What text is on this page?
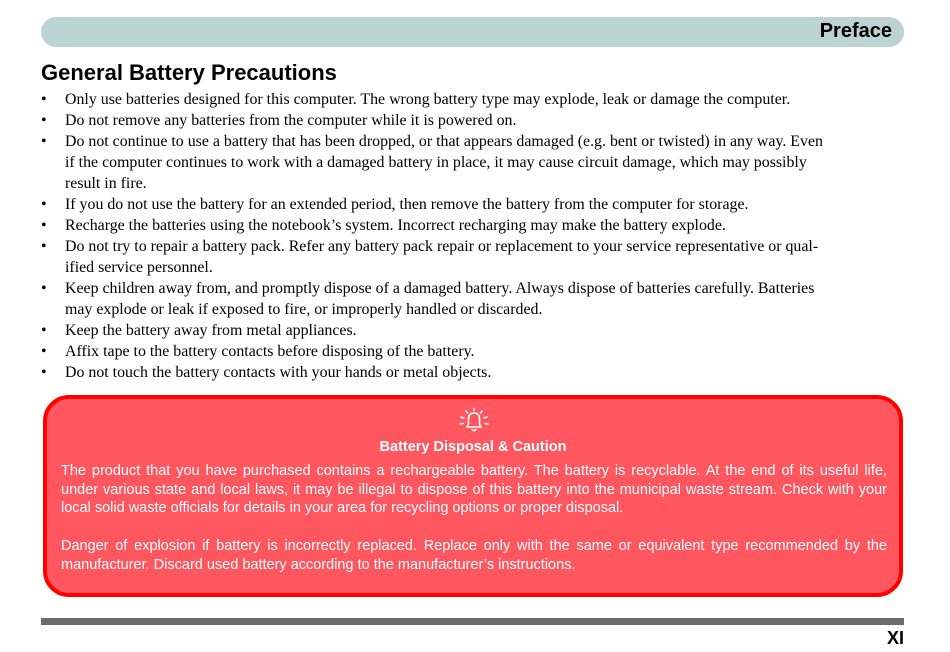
Preface
General Battery Precautions
• Only use batteries designed for this computer. The wrong battery type may explode, leak or damage the computer.
• Do not remove any batteries from the computer while it is powered on.
• Do not continue to use a battery that has been dropped, or that appears damaged (e.g. bent or twisted) in any way. Even
if the computer continues to work with a damaged battery in place, it may cause circuit damage, which may possibly
result in fire.
• If you do not use the battery for an extended period, then remove the battery from the computer for storage.
• Recharge the batteries using the notebook’s system. Incorrect recharging may make the battery explode.
• Do not try to repair a battery pack. Refer any battery pack repair or replacement to your service representative or qual-
ified service personnel.
• Keep children away from, and promptly dispose of a damaged battery. Always dispose of batteries carefully. Batteries
may explode or leak if exposed to fire, or improperly handled or discarded.
• Keep the battery away from metal appliances.
• Affix tape to the battery contacts before disposing of the battery.
• Do not touch the battery contacts with your hands or metal objects.
Battery Disposal & Caution

The product that you have purchased contains a rechargeable battery. The battery is recyclable. At the end of its useful life, under various state and local laws, it may be illegal to dispose of this battery into the municipal waste stream. Check with your local solid waste officials for details in your area for recycling options or proper disposal.

Danger of explosion if battery is incorrectly replaced. Replace only with the same or equivalent type recommended by the manufacturer. Discard used battery according to the manufacturer’s instructions.

XI
